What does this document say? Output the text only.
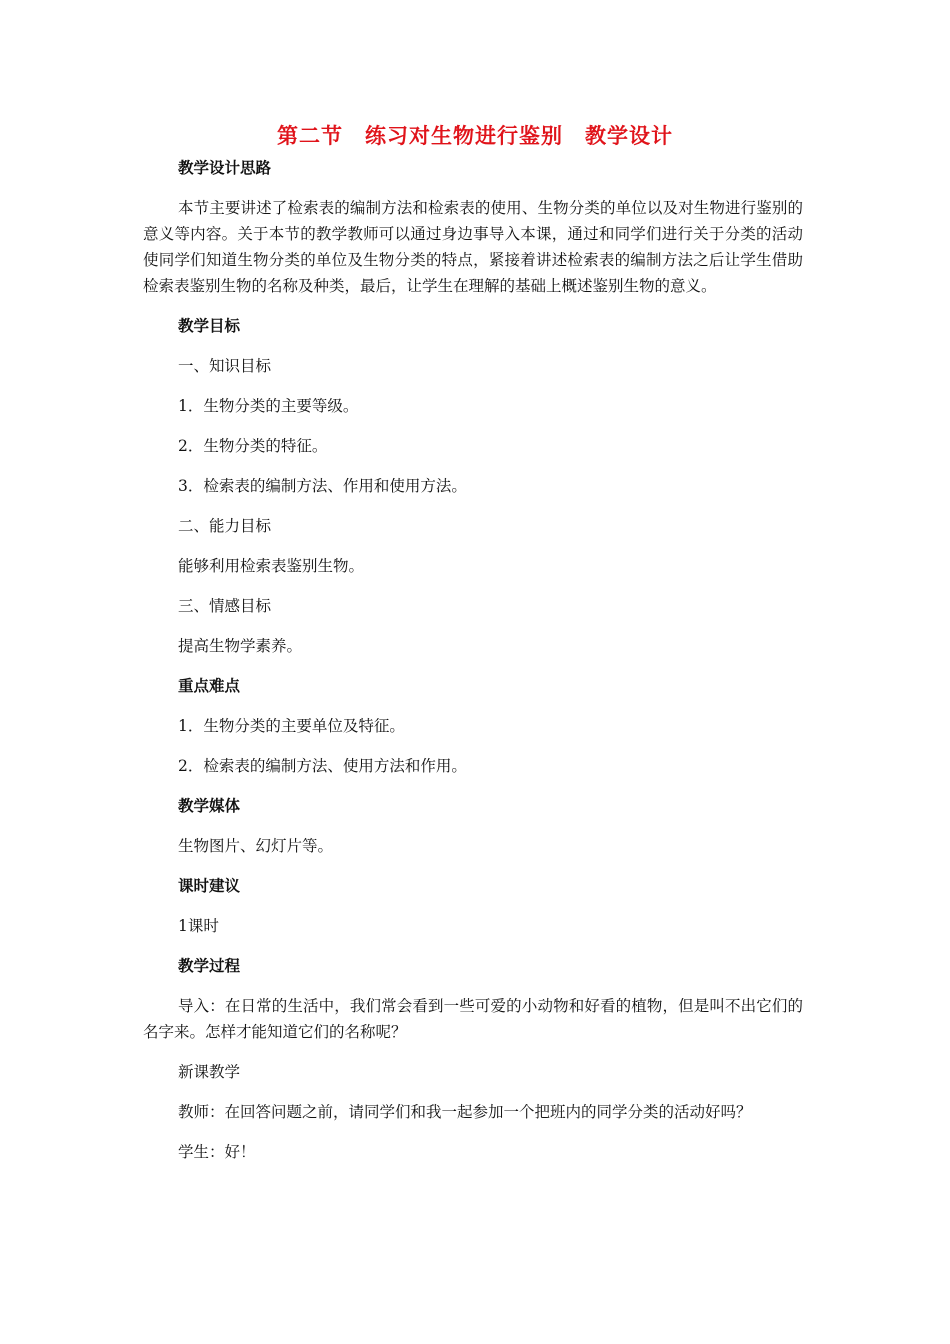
第二节　练习对生物进行鉴别　教学设计
教学设计思路
本节主要讲述了检索表的编制方法和检索表的使用、生物分类的单位以及对生物进行鉴别的意义等内容。关于本节的教学教师可以通过身边事导入本课，通过和同学们进行关于分类的活动使同学们知道生物分类的单位及生物分类的特点，紧接着讲述检索表的编制方法之后让学生借助检索表鉴别生物的名称及种类，最后，让学生在理解的基础上概述鉴别生物的意义。
教学目标
一、知识目标
1．生物分类的主要等级。
2．生物分类的特征。
3．检索表的编制方法、作用和使用方法。
二、能力目标
能够利用检索表鉴别生物。
三、情感目标
提高生物学素养。
重点难点
1．生物分类的主要单位及特征。
2．检索表的编制方法、使用方法和作用。
教学媒体
生物图片、幻灯片等。
课时建议
1课时
教学过程
导入：在日常的生活中，我们常会看到一些可爱的小动物和好看的植物，但是叫不出它们的名字来。怎样才能知道它们的名称呢？
新课教学
教师：在回答问题之前，请同学们和我一起参加一个把班内的同学分类的活动好吗？
学生：好！
